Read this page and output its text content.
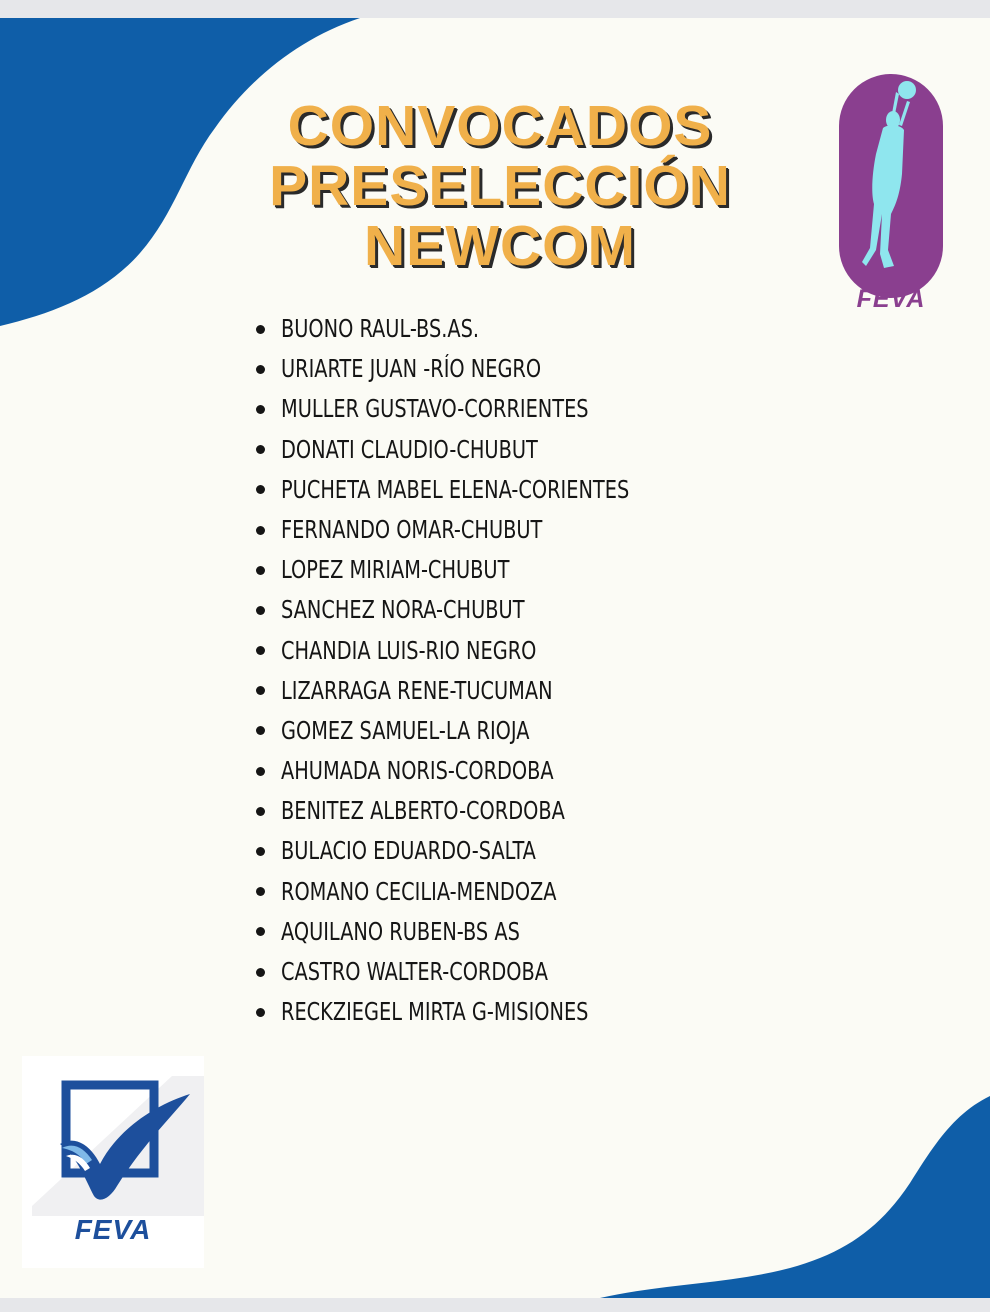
CONVOCADOS
PRESELECCIÓN
NEWCOM
FEVA
BUONO RAUL-BS.AS.
URIARTE JUAN -RÍO NEGRO
MULLER GUSTAVO-CORRIENTES
DONATI CLAUDIO-CHUBUT
PUCHETA MABEL ELENA-CORIENTES
FERNANDO OMAR-CHUBUT
LOPEZ MIRIAM-CHUBUT
SANCHEZ NORA-CHUBUT
CHANDIA LUIS-RIO NEGRO
LIZARRAGA RENE-TUCUMAN
GOMEZ SAMUEL-LA RIOJA
AHUMADA NORIS-CORDOBA
BENITEZ ALBERTO-CORDOBA
BULACIO EDUARDO-SALTA
ROMANO CECILIA-MENDOZA
AQUILANO RUBEN-BS AS
CASTRO WALTER-CORDOBA
RECKZIEGEL MIRTA G-MISIONES
FEVA
